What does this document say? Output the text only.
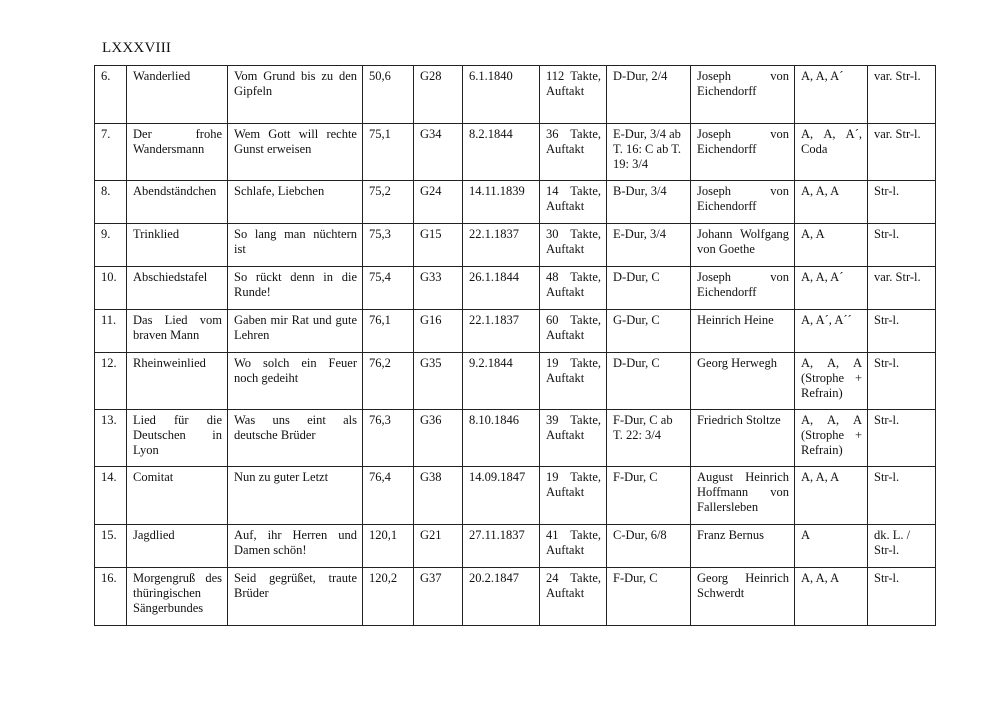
LXXXVIII
6.	Wanderlied	Vom Grund bis zu den Gipfeln	50,6	G28	6.1.1840	112 Takte, Auftakt	D-Dur, 2/4	Joseph von Eichendorff	A, A, A´	var. Str-l.
7.	Der frohe Wandersmann	Wem Gott will rechte Gunst erweisen	75,1	G34	8.2.1844	36 Takte, Auftakt	E-Dur, 3/4 ab T. 16: C ab T. 19: 3/4	Joseph von Eichendorff	A, A, A´, Coda	var. Str-l.
8.	Abendständchen	Schlafe, Liebchen	75,2	G24	14.11.1839	14 Takte, Auftakt	B-Dur, 3/4	Joseph von Eichendorff	A, A, A	Str-l.
9.	Trinklied	So lang man nüchtern ist	75,3	G15	22.1.1837	30 Takte, Auftakt	E-Dur, 3/4	Johann Wolfgang von Goethe	A, A	Str-l.
10.	Abschiedstafel	So rückt denn in die Runde!	75,4	G33	26.1.1844	48 Takte, Auftakt	D-Dur, C	Joseph von Eichendorff	A, A, A´	var. Str-l.
11.	Das Lied vom braven Mann	Gaben mir Rat und gute Lehren	76,1	G16	22.1.1837	60 Takte, Auftakt	G-Dur, C	Heinrich Heine	A, A´, A´´	Str-l.
12.	Rheinweinlied	Wo solch ein Feuer noch gedeiht	76,2	G35	9.2.1844	19 Takte, Auftakt	D-Dur, C	Georg Herwegh	A, A, A (Strophe + Refrain)	Str-l.
13.	Lied für die Deutschen in Lyon	Was uns eint als deutsche Brüder	76,3	G36	8.10.1846	39 Takte, Auftakt	F-Dur, C ab T. 22: 3/4	Friedrich Stoltze	A, A, A (Strophe + Refrain)	Str-l.
14.	Comitat	Nun zu guter Letzt	76,4	G38	14.09.1847	19 Takte, Auftakt	F-Dur, C	August Heinrich Hoffmann von Fallersleben	A, A, A	Str-l.
15.	Jagdlied	Auf, ihr Herren und Damen schön!	120,1	G21	27.11.1837	41 Takte, Auftakt	C-Dur, 6/8	Franz Bernus	A	dk. L. / Str-l.
16.	Morgengruß des thüringischen Sängerbundes	Seid gegrüßet, traute Brüder	120,2	G37	20.2.1847	24 Takte, Auftakt	F-Dur, C	Georg Heinrich Schwerdt	A, A, A	Str-l.
